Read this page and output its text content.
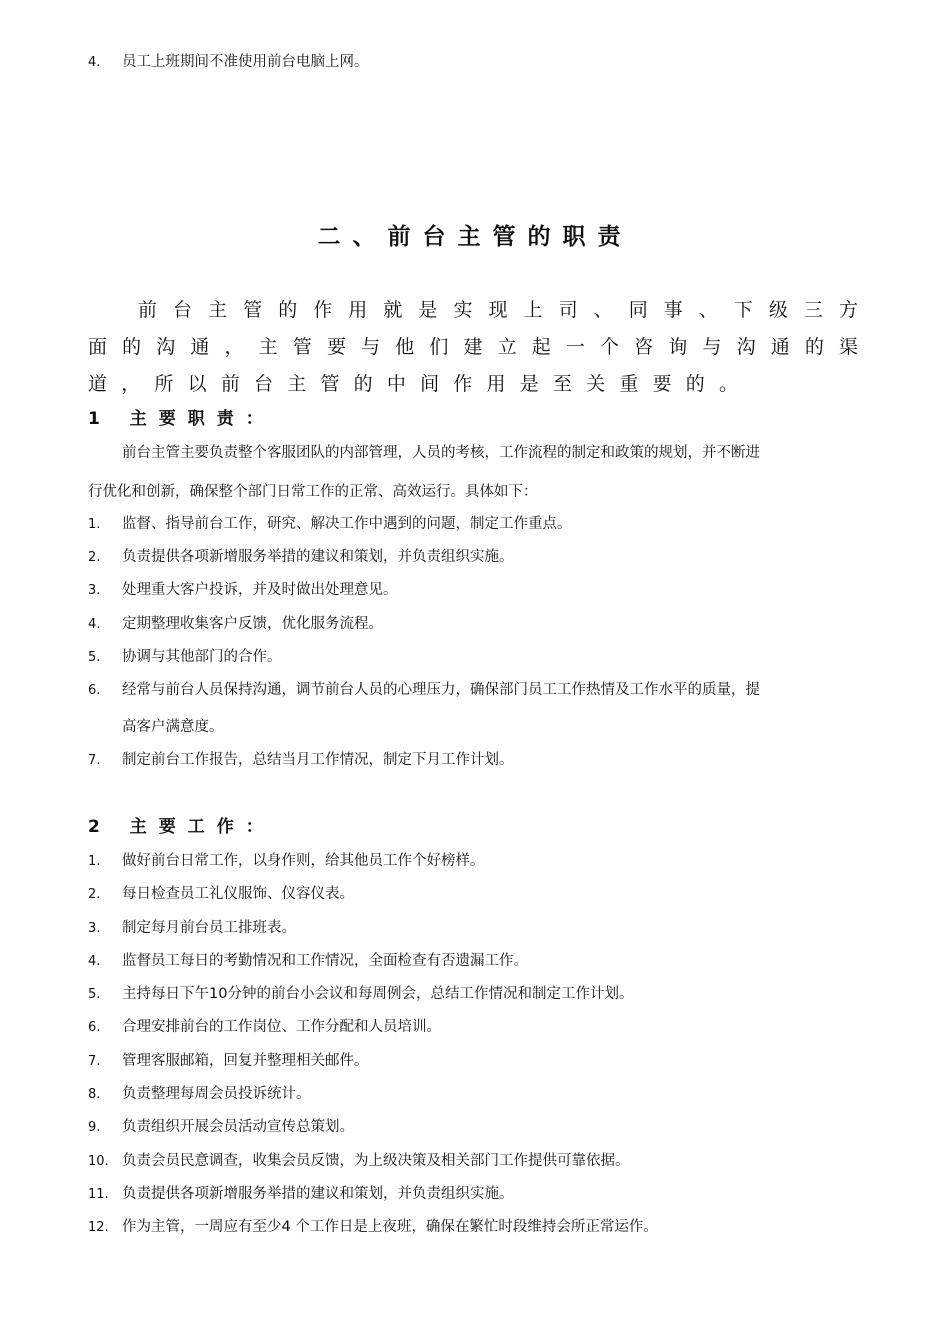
4. 员工上班期间不准使用前台电脑上网。
二、前台主管的职责
前台主管的作用就是实现上司、同事、下级三方
面的沟通，主管要与他们建立起一个咨询与沟通的渠
道，所以前台主管的中间作用是至关重要的。
1 主要职责：
前台主管主要负责整个客服团队的内部管理，人员的考核，工作流程的制定和政策的规划，并不断进
行优化和创新，确保整个部门日常工作的正常、高效运行。具体如下：
1. 监督、指导前台工作，研究、解决工作中遇到的问题，制定工作重点。
2. 负责提供各项新增服务举措的建议和策划，并负责组织实施。
3. 处理重大客户投诉，并及时做出处理意见。
4. 定期整理收集客户反馈，优化服务流程。
5. 协调与其他部门的合作。
6. 经常与前台人员保持沟通，调节前台人员的心理压力，确保部门员工工作热情及工作水平的质量，提
高客户满意度。
7. 制定前台工作报告，总结当月工作情况，制定下月工作计划。
2 主要工作：
1. 做好前台日常工作，以身作则，给其他员工作个好榜样。
2. 每日检查员工礼仪服饰、仪容仪表。
3. 制定每月前台员工排班表。
4. 监督员工每日的考勤情况和工作情况，全面检查有否遗漏工作。
5. 主持每日下午10分钟的前台小会议和每周例会，总结工作情况和制定工作计划。
6. 合理安排前台的工作岗位、工作分配和人员培训。
7. 管理客服邮箱，回复并整理相关邮件。
8. 负责整理每周会员投诉统计。
9. 负责组织开展会员活动宣传总策划。
10. 负责会员民意调查，收集会员反馈，为上级决策及相关部门工作提供可靠依据。
11. 负责提供各项新增服务举措的建议和策划，并负责组织实施。
12. 作为主管，一周应有至少4 个工作日是上夜班，确保在繁忙时段维持会所正常运作。
